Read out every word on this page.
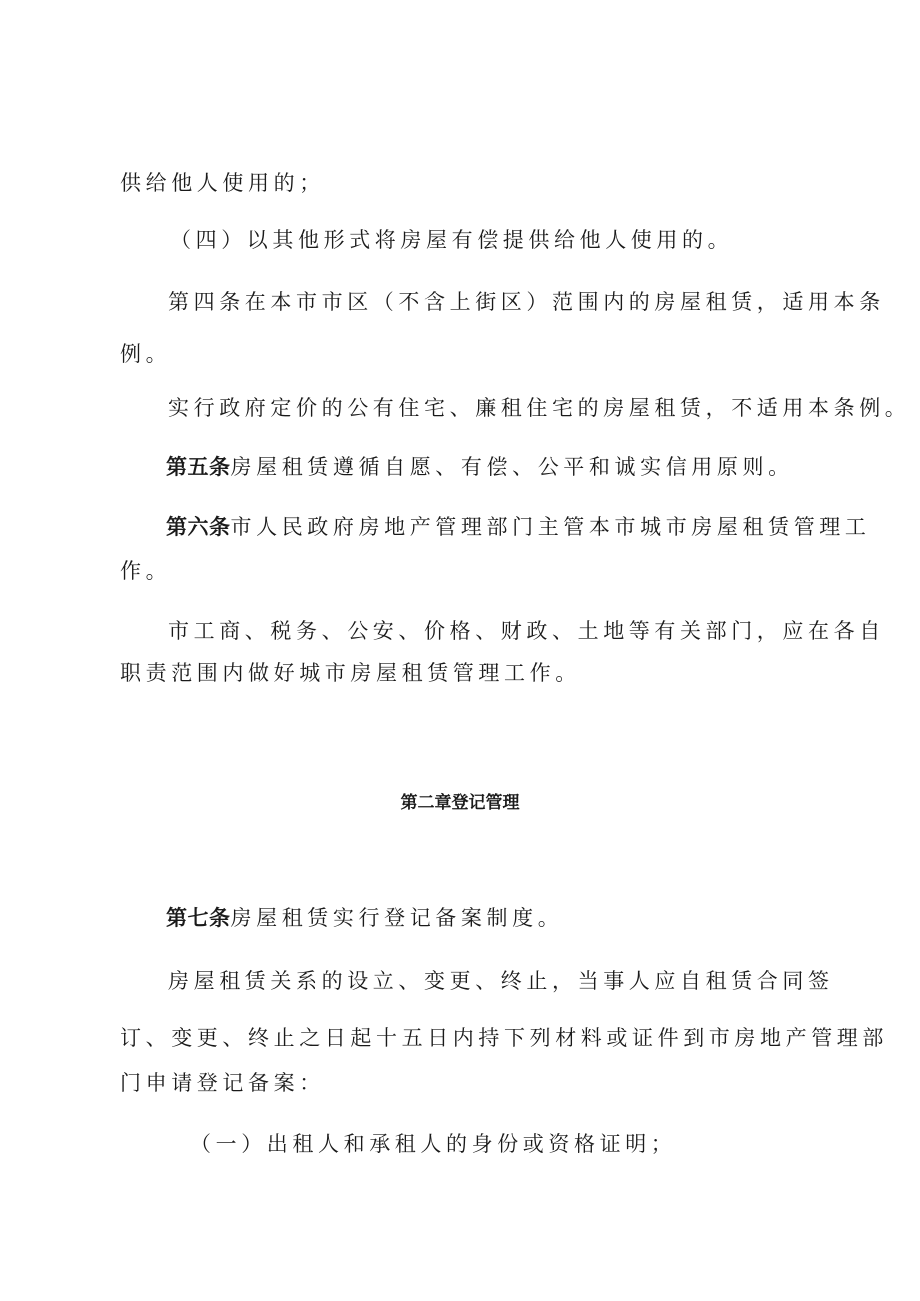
供给他人使用的；
（四）以其他形式将房屋有偿提供给他人使用的。
第四条在本市市区（不含上街区）范围内的房屋租赁，适用本条
例。
实行政府定价的公有住宅、廉租住宅的房屋租赁，不适用本条例。
第五条房屋租赁遵循自愿、有偿、公平和诚实信用原则。
第六条市人民政府房地产管理部门主管本市城市房屋租赁管理工
作。
市工商、税务、公安、价格、财政、土地等有关部门，应在各自
职责范围内做好城市房屋租赁管理工作。
第二章登记管理
第七条房屋租赁实行登记备案制度。
房屋租赁关系的设立、变更、终止，当事人应自租赁合同签
订、变更、终止之日起十五日内持下列材料或证件到市房地产管理部
门申请登记备案：
（一）出租人和承租人的身份或资格证明；
